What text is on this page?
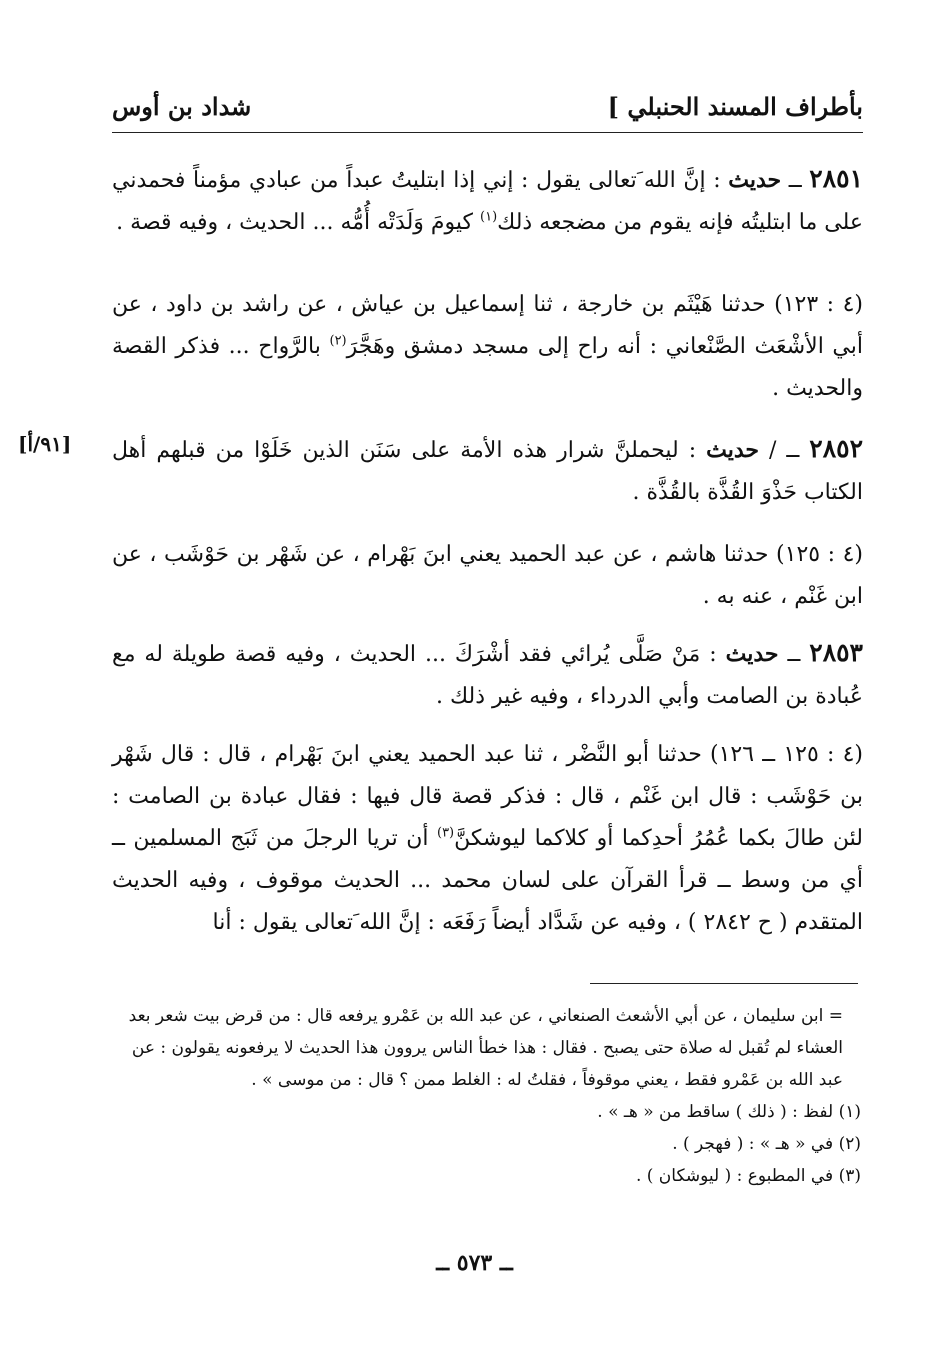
بأطراف المسند الحنبلي ]
شداد بن أوس
[٩١/أ]

٢٨٥١ ــ حديث : إنَّ الله َتعالى يقول : إني إذا ابتليتُ عبداً من عبادي مؤمناً فحمدني على ما ابتليتُه فإنه يقوم من مضجعه ذلك$^{(١)}$ كيومَ وَلَدَتْه أُمُّه ... الحديث ، وفيه قصة .

(٤ : ١٢٣) حدثنا هَيْثَم بن خارجة ، ثنا إسماعيل بن عياش ، عن راشد بن داود ، عن أبي الأشْعَث الصَّنْعاني : أنه راح إلى مسجد دمشق وهَجَّرَ$^{(٢)}$ بالرَّواح ... فذكر القصة والحديث .

٢٨٥٢ ــ / حديث : ليحملنَّ شرار هذه الأمة على سَنَن الذين خَلَوْا من قبلهم أهل الكتاب حَذْوَ القُذَّة بالقُذَّة .

(٤ : ١٢٥) حدثنا هاشم ، عن عبد الحميد يعني ابنَ بَهْرام ، عن شَهْر بن حَوْشَب ، عن ابن غَنْم ، عنه به .

٢٨٥٣ ــ حديث : مَنْ صَلَّى يُرائي فقد أشْرَكَ ... الحديث ، وفيه قصة طويلة له مع عُبادة بن الصامت وأبي الدرداء ، وفيه غير ذلك .

(٤ : ١٢٥ ــ ١٢٦) حدثنا أبو النَّضْر ، ثنا عبد الحميد يعني ابنَ بَهْرام ، قال : قال شَهْر بن حَوْشَب : قال ابن غَنْم ، قال : فذكر قصة قال فيها : فقال عبادة بن الصامت : لئن طالَ بكما عُمُرُ أحدِكما أو كلاكما ليوشكنَّ$^{(٣)}$ أن تريا الرجلَ من ثَبَج المسلمين ــ أي من وسط ــ قرأ القرآن على لسان محمد ... الحديث موقوف ، وفيه الحديث المتقدم ( ح ٢٨٤٢ ) ، وفيه عن شَدَّاد أيضاً رَفَعَه : إنَّ الله َتعالى يقول : أنا

= ابن سليمان ، عن أبي الأشعث الصنعاني ، عن عبد الله بن عَمْرو يرفعه قال : من قرض بيت شعر بعد العشاء لم تُقبل له صلاة حتى يصبح . فقال : هذا خطأ الناس يروون هذا الحديث لا يرفعونه يقولون : عن عبد الله بن عَمْرو فقط ، يعني موقوفاً ، فقلتُ له : الغلط ممن ؟ قال : من موسى » .

(١) لفظ : ( ذلك ) ساقط من « هـ » .

(٢) في « هـ » : ( فهجر ) .

(٣) في المطبوع : ( ليوشكان ) .

ــ ٥٧٣ ــ
